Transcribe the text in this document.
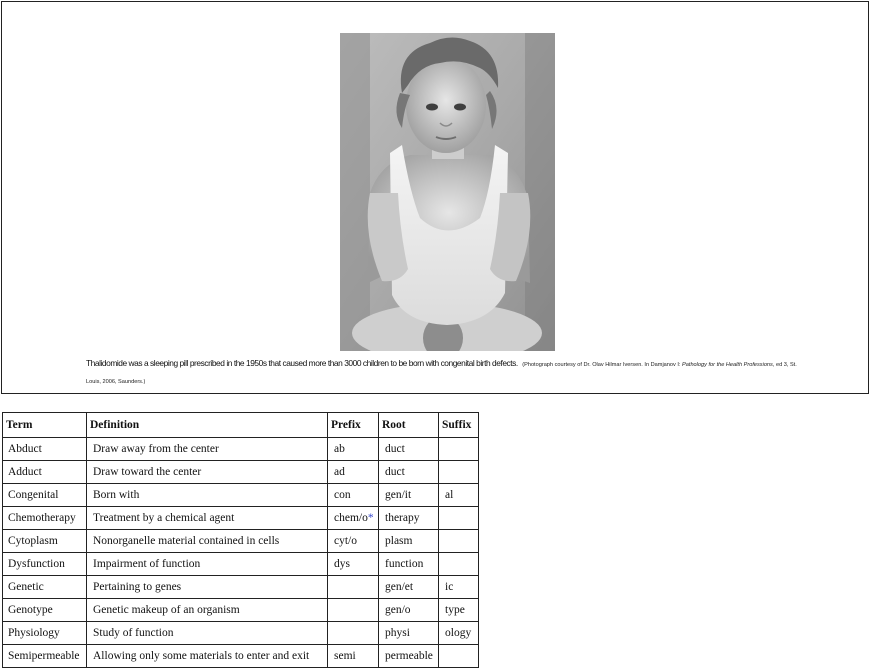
Thalidomide was a sleeping pill prescribed in the 1950s that caused more than 3000 children to be born with congenital birth defects. (Photograph courtesy of Dr. Olav Hilmar Iversen. In Damjanov I: Pathology for the Health Professions, ed 3, St. Louis, 2006, Saunders.)
Term	Definition	Prefix	Root	Suffix
Abduct	Draw away from the center	ab	duct	
Adduct	Draw toward the center	ad	duct	
Congenital	Born with	con	gen/it	al
Chemotherapy	Treatment by a chemical agent	chem/o*	therapy	
Cytoplasm	Nonorganelle material contained in cells	cyt/o	plasm	
Dysfunction	Impairment of function	dys	function	
Genetic	Pertaining to genes		gen/et	ic
Genotype	Genetic makeup of an organism		gen/o	type
Physiology	Study of function		physi	ology
Semipermeable	Allowing only some materials to enter and exit	semi	permeable	
